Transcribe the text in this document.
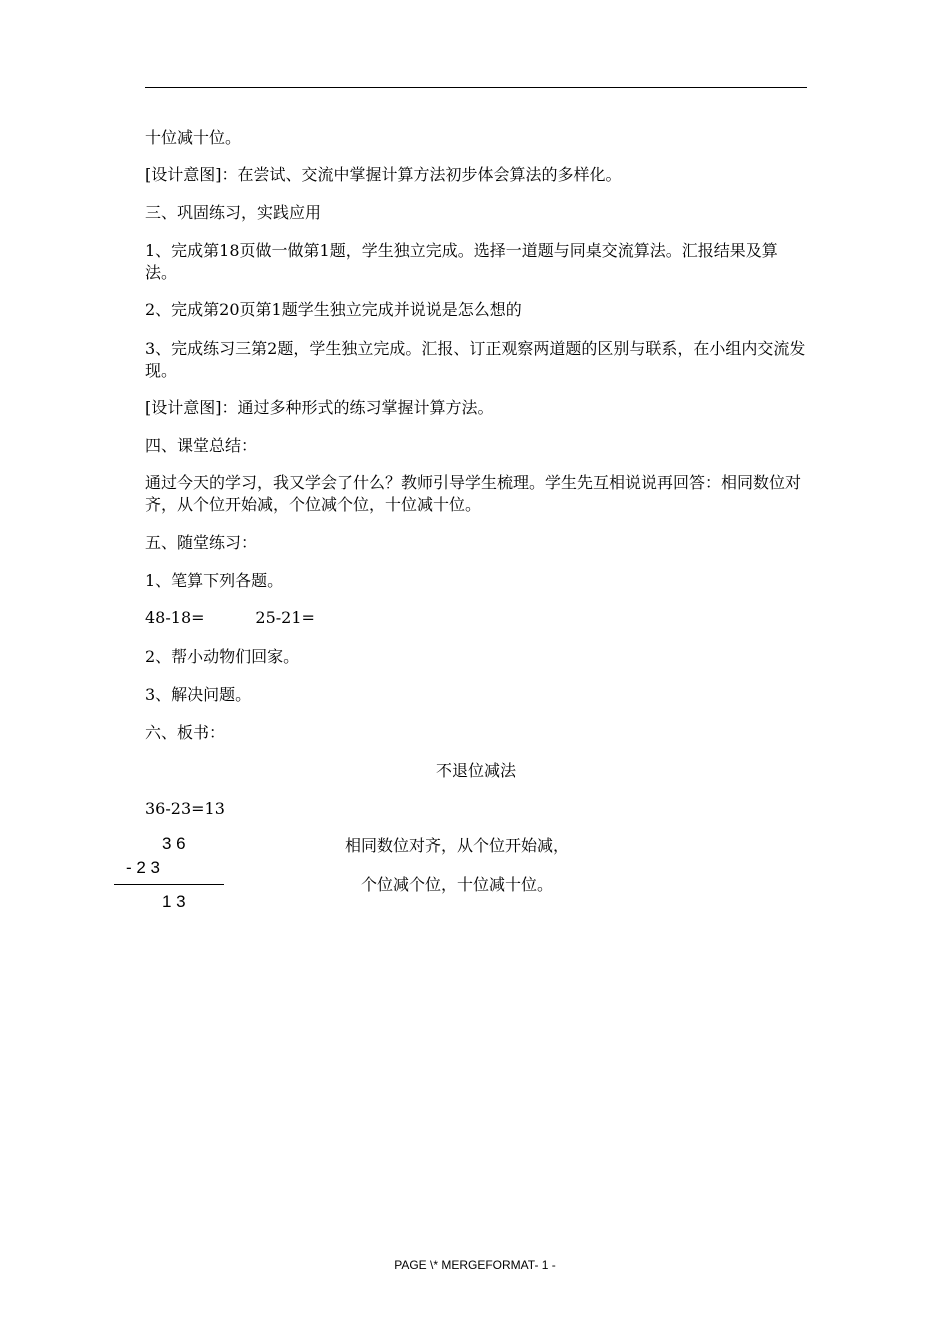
十位减十位。
[设计意图]：在尝试、交流中掌握计算方法初步体会算法的多样化。
三、巩固练习，实践应用
1、完成第18页做一做第1题，学生独立完成。选择一道题与同桌交流算法。汇报结果及算法。
2、完成第20页第1题学生独立完成并说说是怎么想的
3、完成练习三第2题，学生独立完成。汇报、订正观察两道题的区别与联系，在小组内交流发现。
[设计意图]：通过多种形式的练习掌握计算方法。
四、课堂总结：
通过今天的学习，我又学会了什么？教师引导学生梳理。学生先互相说说再回答：相同数位对齐，从个位开始减，个位减个位，十位减十位。
五、随堂练习：
1、笔算下列各题。
48-18=          25-21=
2、帮小动物们回家。
3、解决问题。
六、板书：
不退位减法
36-23=13
3 6
- 2 3
1 3
相同数位对齐，从个位开始减，
个位减个位，十位减十位。
PAGE \* MERGEFORMAT- 1 -
